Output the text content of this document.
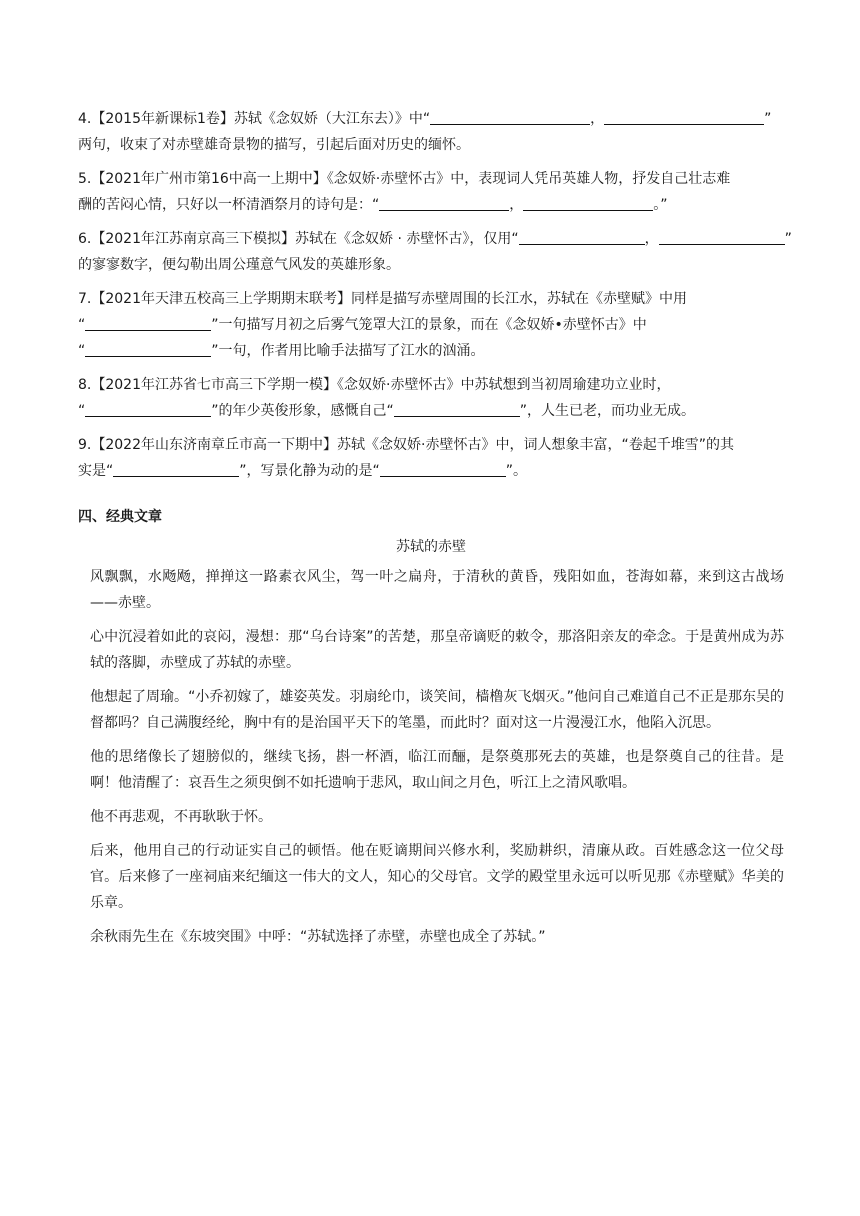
4.【2015年新课标1卷】苏轼《念奴娇（大江东去）》中“	，	”
两句，收束了对赤壁雄奇景物的描写，引起后面对历史的缅怀。
5.【2021年广州市第16中高一上期中】《念奴娇·赤壁怀古》中，表现词人凭吊英雄人物，抒发自己壮志难
酬的苦闷心情，只好以一杯清酒祭月的诗句是：“	，	。”
6.【2021年江苏南京高三下模拟】苏轼在《念奴娇 · 赤壁怀古》，仅用“	，	”
的寥寥数字，便勾勒出周公瑾意气风发的英雄形象。
7.【2021年天津五校高三上学期期末联考】同样是描写赤壁周围的长江水，苏轼在《赤壁赋》中用
“	”一句描写月初之后雾气笼罩大江的景象，而在《念奴娇•赤壁怀古》中
“	”一句，作者用比喻手法描写了江水的汹涌。
8.【2021年江苏省七市高三下学期一模】《念奴娇·赤壁怀古》中苏轼想到当初周瑜建功立业时，
“	”的年少英俊形象，感慨自己“	”，人生已老，而功业无成。
9.【2022年山东济南章丘市高一下期中】苏轼《念奴娇·赤壁怀古》中，词人想象丰富，“卷起千堆雪”的其
实是“	”，写景化静为动的是“	”。
四、经典文章
苏轼的赤壁

风飘飘，水飏飏，掸掸这一路素衣风尘，驾一叶之扁舟，于清秋的黄昏，残阳如血，苍海如幕，来到这古战场——赤壁。

心中沉浸着如此的哀闷，漫想：那“乌台诗案”的苦楚，那皇帝谪贬的敕令，那洛阳亲友的牵念。于是黄州成为苏轼的落脚，赤壁成了苏轼的赤壁。

他想起了周瑜。“小乔初嫁了，雄姿英发。羽扇纶巾，谈笑间，樯橹灰飞烟灭。”他问自己难道自己不正是那东吴的督都吗？自己满腹经纶，胸中有的是治国平天下的笔墨，而此时？面对这一片漫漫江水，他陷入沉思。

他的思绪像长了翅膀似的，继续飞扬，斟一杯酒，临江而酾，是祭奠那死去的英雄，也是祭奠自己的往昔。是啊！他清醒了：哀吾生之须臾倒不如托遗响于悲风，取山间之月色，听江上之清风歌唱。

他不再悲观，不再耿耿于怀。

后来，他用自己的行动证实自己的顿悟。他在贬谪期间兴修水利，奖励耕织，清廉从政。百姓感念这一位父母官。后来修了一座祠庙来纪缅这一伟大的文人，知心的父母官。文学的殿堂里永远可以听见那《赤壁赋》华美的乐章。

余秋雨先生在《东坡突围》中呼：“苏轼选择了赤壁，赤壁也成全了苏轼。”
